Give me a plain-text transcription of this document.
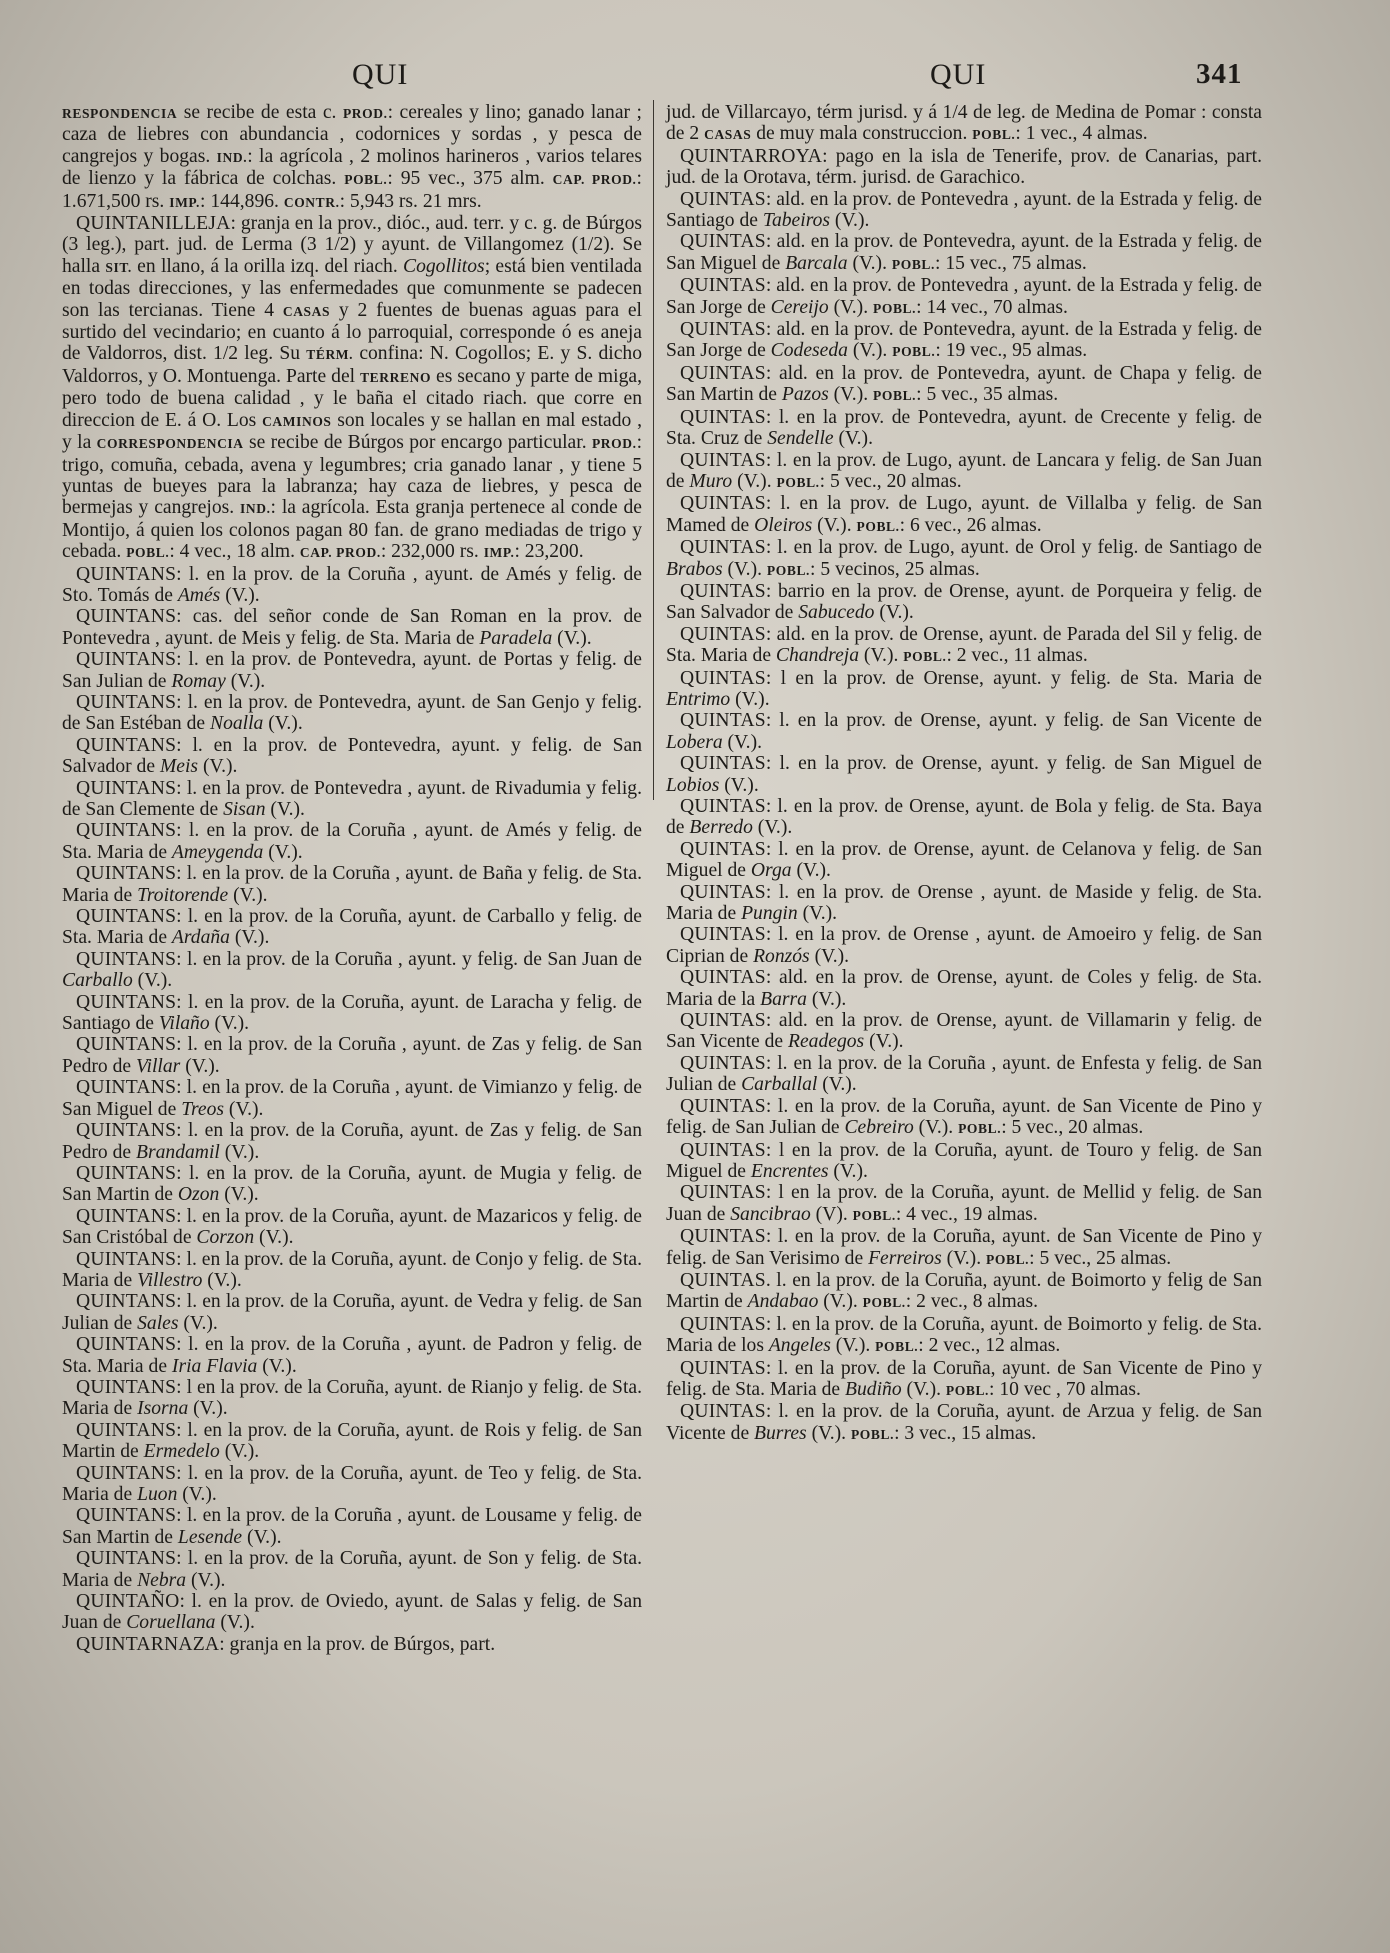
QUI	QUI	341

RESPONDENCIA se recibe de esta c. PROD.: cereales y lino; ganado lanar ; caza de liebres con abundancia , codornices y sordas , y pesca de cangrejos y bogas. IND.: la agrícola , 2 molinos harineros , varios telares de lienzo y la fábrica de colchas. POBL.: 95 vec., 375 alm. CAP. PROD.: 1.671,500 rs. IMP.: 144,896. CONTR.: 5,943 rs. 21 mrs.

QUINTANILLEJA: granja en la prov., dióc., aud. terr. y c. g. de Búrgos (3 leg.), part. jud. de Lerma (3 1/2) y ayunt. de Villangomez (1/2). Se halla SIT. en llano, á la orilla izq. del riach. Cogollitos; está bien ventilada en todas direcciones, y las enfermedades que comunmente se padecen son las tercianas. Tiene 4 CASAS y 2 fuentes de buenas aguas para el surtido del vecindario; en cuanto á lo parroquial, corresponde ó es aneja de Valdorros, dist. 1/2 leg. Su TÉRM. confina: N. Cogollos; E. y S. dicho Valdorros, y O. Montuenga. Parte del TERRENO es secano y parte de miga, pero todo de buena calidad , y le baña el citado riach. que corre en direccion de E. á O. Los CAMINOS son locales y se hallan en mal estado , y la CORRESPONDENCIA se recibe de Búrgos por encargo particular. PROD.: trigo, comuña, cebada, avena y legumbres; cria ganado lanar , y tiene 5 yuntas de bueyes para la labranza; hay caza de liebres, y pesca de bermejas y cangrejos. IND.: la agrícola. Esta granja pertenece al conde de Montijo, á quien los colonos pagan 80 fan. de grano mediadas de trigo y cebada. POBL.: 4 vec., 18 alm. CAP. PROD.: 232,000 rs. IMP.: 23,200.

QUINTANS: l. en la prov. de la Coruña , ayunt. de Amés y felig. de Sto. Tomás de Amés (V.).

QUINTANS: cas. del señor conde de San Roman en la prov. de Pontevedra , ayunt. de Meis y felig. de Sta. Maria de Paradela (V.).

QUINTANS: l. en la prov. de Pontevedra, ayunt. de Portas y felig. de San Julian de Romay (V.).

QUINTANS: l. en la prov. de Pontevedra, ayunt. de San Genjo y felig. de San Estéban de Noalla (V.).

QUINTANS: l. en la prov. de Pontevedra, ayunt. y felig. de San Salvador de Meis (V.).

QUINTANS: l. en la prov. de Pontevedra , ayunt. de Rivadumia y felig. de San Clemente de Sisan (V.).

QUINTANS: l. en la prov. de la Coruña , ayunt. de Amés y felig. de Sta. Maria de Ameygenda (V.).

QUINTANS: l. en la prov. de la Coruña , ayunt. de Baña y felig. de Sta. Maria de Troitorende (V.).

QUINTANS: l. en la prov. de la Coruña, ayunt. de Carballo y felig. de Sta. Maria de Ardaña (V.).

QUINTANS: l. en la prov. de la Coruña , ayunt. y felig. de San Juan de Carballo (V.).

QUINTANS: l. en la prov. de la Coruña, ayunt. de Laracha y felig. de Santiago de Vilaño (V.).

QUINTANS: l. en la prov. de la Coruña , ayunt. de Zas y felig. de San Pedro de Villar (V.).

QUINTANS: l. en la prov. de la Coruña , ayunt. de Vimianzo y felig. de San Miguel de Treos (V.).

QUINTANS: l. en la prov. de la Coruña, ayunt. de Zas y felig. de San Pedro de Brandamil (V.).

QUINTANS: l. en la prov. de la Coruña, ayunt. de Mugia y felig. de San Martin de Ozon (V.).

QUINTANS: l. en la prov. de la Coruña, ayunt. de Mazaricos y felig. de San Cristóbal de Corzon (V.).

QUINTANS: l. en la prov. de la Coruña, ayunt. de Conjo y felig. de Sta. Maria de Villestro (V.).

QUINTANS: l. en la prov. de la Coruña, ayunt. de Vedra y felig. de San Julian de Sales (V.).

QUINTANS: l. en la prov. de la Coruña , ayunt. de Padron y felig. de Sta. Maria de Iria Flavia (V.).

QUINTANS: l en la prov. de la Coruña, ayunt. de Rianjo y felig. de Sta. Maria de Isorna (V.).

QUINTANS: l. en la prov. de la Coruña, ayunt. de Rois y felig. de San Martin de Ermedelo (V.).

QUINTANS: l. en la prov. de la Coruña, ayunt. de Teo y felig. de Sta. Maria de Luon (V.).

QUINTANS: l. en la prov. de la Coruña , ayunt. de Lousame y felig. de San Martin de Lesende (V.).

QUINTANS: l. en la prov. de la Coruña, ayunt. de Son y felig. de Sta. Maria de Nebra (V.).

QUINTAÑO: l. en la prov. de Oviedo, ayunt. de Salas y felig. de San Juan de Coruellana (V.).

QUINTARNAZA: granja en la prov. de Búrgos, part.

jud. de Villarcayo, térm jurisd. y á 1/4 de leg. de Medina de Pomar : consta de 2 CASAS de muy mala construccion. POBL.: 1 vec., 4 almas.

QUINTARROYA: pago en la isla de Tenerife, prov. de Canarias, part. jud. de la Orotava, térm. jurisd. de Garachico.

QUINTAS: ald. en la prov. de Pontevedra , ayunt. de la Estrada y felig. de Santiago de Tabeiros (V.).

QUINTAS: ald. en la prov. de Pontevedra, ayunt. de la Estrada y felig. de San Miguel de Barcala (V.). POBL.: 15 vec., 75 almas.

QUINTAS: ald. en la prov. de Pontevedra , ayunt. de la Estrada y felig. de San Jorge de Cereijo (V.). POBL.: 14 vec., 70 almas.

QUINTAS: ald. en la prov. de Pontevedra, ayunt. de la Estrada y felig. de San Jorge de Codeseda (V.). POBL.: 19 vec., 95 almas.

QUINTAS: ald. en la prov. de Pontevedra, ayunt. de Chapa y felig. de San Martin de Pazos (V.). POBL.: 5 vec., 35 almas.

QUINTAS: l. en la prov. de Pontevedra, ayunt. de Crecente y felig. de Sta. Cruz de Sendelle (V.).

QUINTAS: l. en la prov. de Lugo, ayunt. de Lancara y felig. de San Juan de Muro (V.). POBL.: 5 vec., 20 almas.

QUINTAS: l. en la prov. de Lugo, ayunt. de Villalba y felig. de San Mamed de Oleiros (V.). POBL.: 6 vec., 26 almas.

QUINTAS: l. en la prov. de Lugo, ayunt. de Orol y felig. de Santiago de Brabos (V.). POBL.: 5 vecinos, 25 almas.

QUINTAS: barrio en la prov. de Orense, ayunt. de Porqueira y felig. de San Salvador de Sabucedo (V.).

QUINTAS: ald. en la prov. de Orense, ayunt. de Parada del Sil y felig. de Sta. Maria de Chandreja (V.). POBL.: 2 vec., 11 almas.

QUINTAS: l en la prov. de Orense, ayunt. y felig. de Sta. Maria de Entrimo (V.).

QUINTAS: l. en la prov. de Orense, ayunt. y felig. de San Vicente de Lobera (V.).

QUINTAS: l. en la prov. de Orense, ayunt. y felig. de San Miguel de Lobios (V.).

QUINTAS: l. en la prov. de Orense, ayunt. de Bola y felig. de Sta. Baya de Berredo (V.).

QUINTAS: l. en la prov. de Orense, ayunt. de Celanova y felig. de San Miguel de Orga (V.).

QUINTAS: l. en la prov. de Orense , ayunt. de Maside y felig. de Sta. Maria de Pungin (V.).

QUINTAS: l. en la prov. de Orense , ayunt. de Amoeiro y felig. de San Ciprian de Ronzós (V.).

QUINTAS: ald. en la prov. de Orense, ayunt. de Coles y felig. de Sta. Maria de la Barra (V.).

QUINTAS: ald. en la prov. de Orense, ayunt. de Villamarin y felig. de San Vicente de Readegos (V.).

QUINTAS: l. en la prov. de la Coruña , ayunt. de Enfesta y felig. de San Julian de Carballal (V.).

QUINTAS: l. en la prov. de la Coruña, ayunt. de San Vicente de Pino y felig. de San Julian de Cebreiro (V.). POBL.: 5 vec., 20 almas.

QUINTAS: l en la prov. de la Coruña, ayunt. de Touro y felig. de San Miguel de Encrentes (V.).

QUINTAS: l en la prov. de la Coruña, ayunt. de Mellid y felig. de San Juan de Sancibrao (V). POBL.: 4 vec., 19 almas.

QUINTAS: l. en la prov. de la Coruña, ayunt. de San Vicente de Pino y felig. de San Verisimo de Ferreiros (V.). POBL.: 5 vec., 25 almas.

QUINTAS. l. en la prov. de la Coruña, ayunt. de Boimorto y felig de San Martin de Andabao (V.). POBL.: 2 vec., 8 almas.

QUINTAS: l. en la prov. de la Coruña, ayunt. de Boimorto y felig. de Sta. Maria de los Angeles (V.). POBL.: 2 vec., 12 almas.

QUINTAS: l. en la prov. de la Coruña, ayunt. de San Vicente de Pino y felig. de Sta. Maria de Budiño (V.). POBL.: 10 vec , 70 almas.

QUINTAS: l. en la prov. de la Coruña, ayunt. de Arzua y felig. de San Vicente de Burres (V.). POBL.: 3 vec., 15 almas.
